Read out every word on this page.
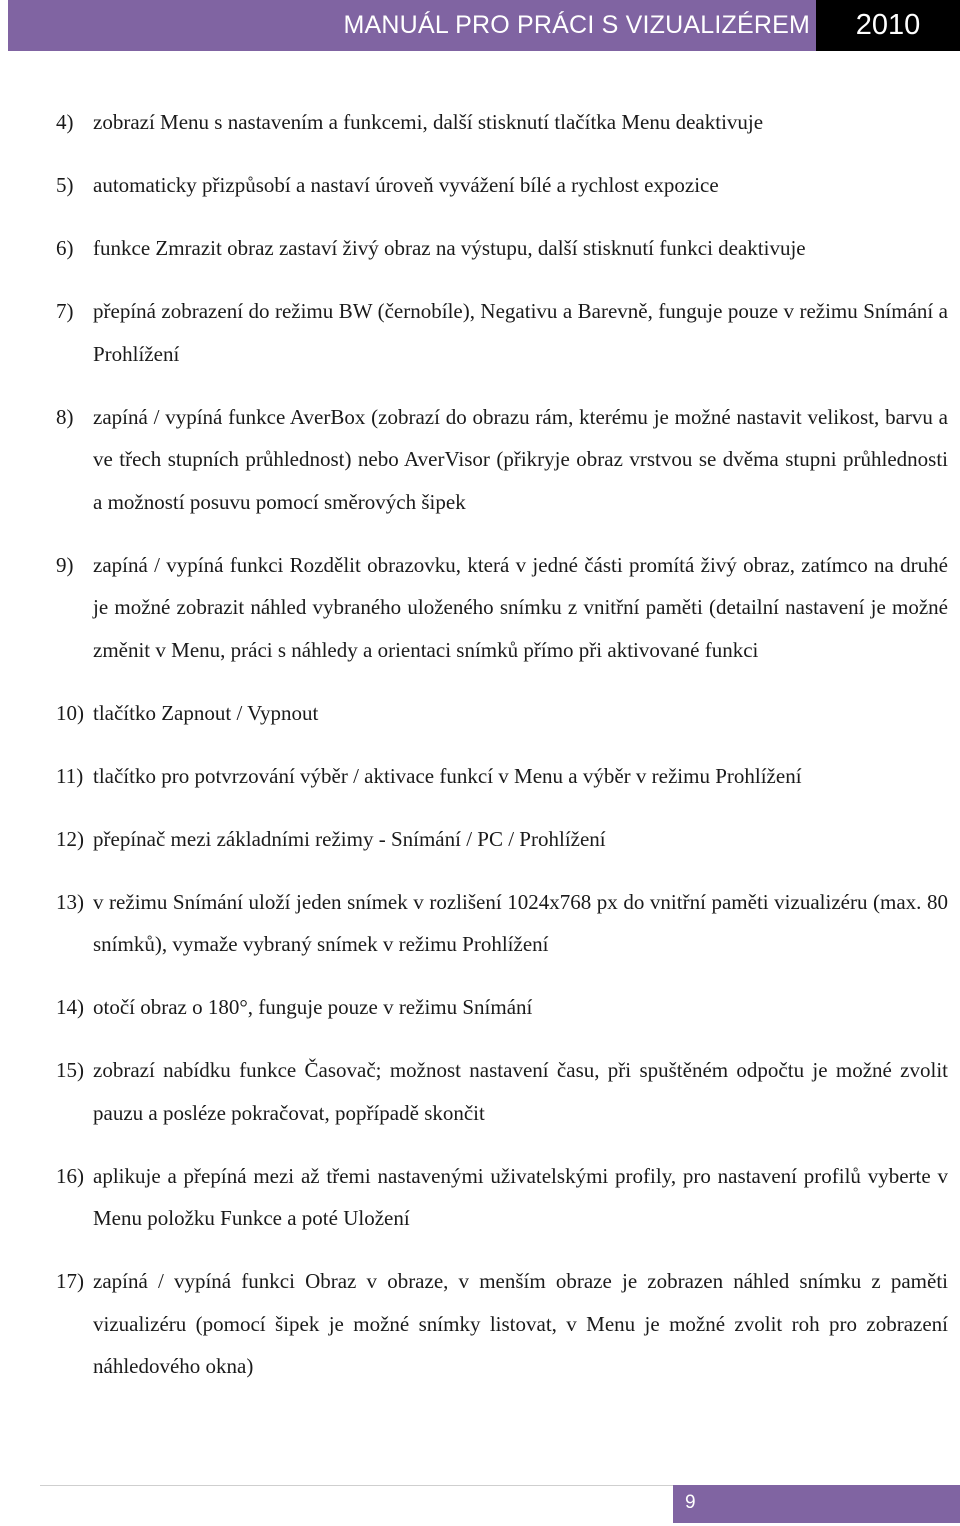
MANUÁL PRO PRÁCI S VIZUALIZÉREM	2010
4) zobrazí Menu s nastavením a funkcemi, další stisknutí tlačítka Menu deaktivuje
5) automaticky přizpůsobí a nastaví úroveň vyvážení bílé a rychlost expozice
6) funkce Zmrazit obraz zastaví živý obraz na výstupu, další stisknutí funkci deaktivuje
7) přepíná zobrazení do režimu BW (černobíle), Negativu a Barevně, funguje pouze v režimu Snímání a Prohlížení
8) zapíná / vypíná funkce AverBox (zobrazí do obrazu rám, kterému je možné nastavit velikost, barvu a ve třech stupních průhlednost) nebo AverVisor (přikryje obraz vrstvou se dvěma stupni průhlednosti a možností posuvu pomocí směrových šipek
9) zapíná / vypíná funkci Rozdělit obrazovku, která v jedné části promítá živý obraz, zatímco na druhé je možné zobrazit náhled vybraného uloženého snímku z vnitřní paměti (detailní nastavení je možné změnit v Menu, práci s náhledy a orientaci snímků přímo při aktivované funkci
10) tlačítko Zapnout / Vypnout
11) tlačítko pro potvrzování výběr / aktivace funkcí v Menu a výběr v režimu Prohlížení
12) přepínač mezi základními režimy - Snímání / PC / Prohlížení
13) v režimu Snímání uloží jeden snímek v rozlišení 1024x768 px do vnitřní paměti vizualizéru (max. 80 snímků), vymaže vybraný snímek v režimu Prohlížení
14) otočí obraz o 180°, funguje pouze v režimu Snímání
15) zobrazí nabídku funkce Časovač; možnost nastavení času, při spuštěném odpočtu je možné zvolit pauzu a posléze pokračovat, popřípadě skončit
16) aplikuje a přepíná mezi až třemi nastavenými uživatelskými profily, pro nastavení profilů vyberte v Menu položku Funkce a poté Uložení
17) zapíná / vypíná funkci Obraz v obraze, v menším obraze je zobrazen náhled snímku z paměti vizualizéru (pomocí šipek je možné snímky listovat, v Menu je možné zvolit roh pro zobrazení náhledového okna)
9
